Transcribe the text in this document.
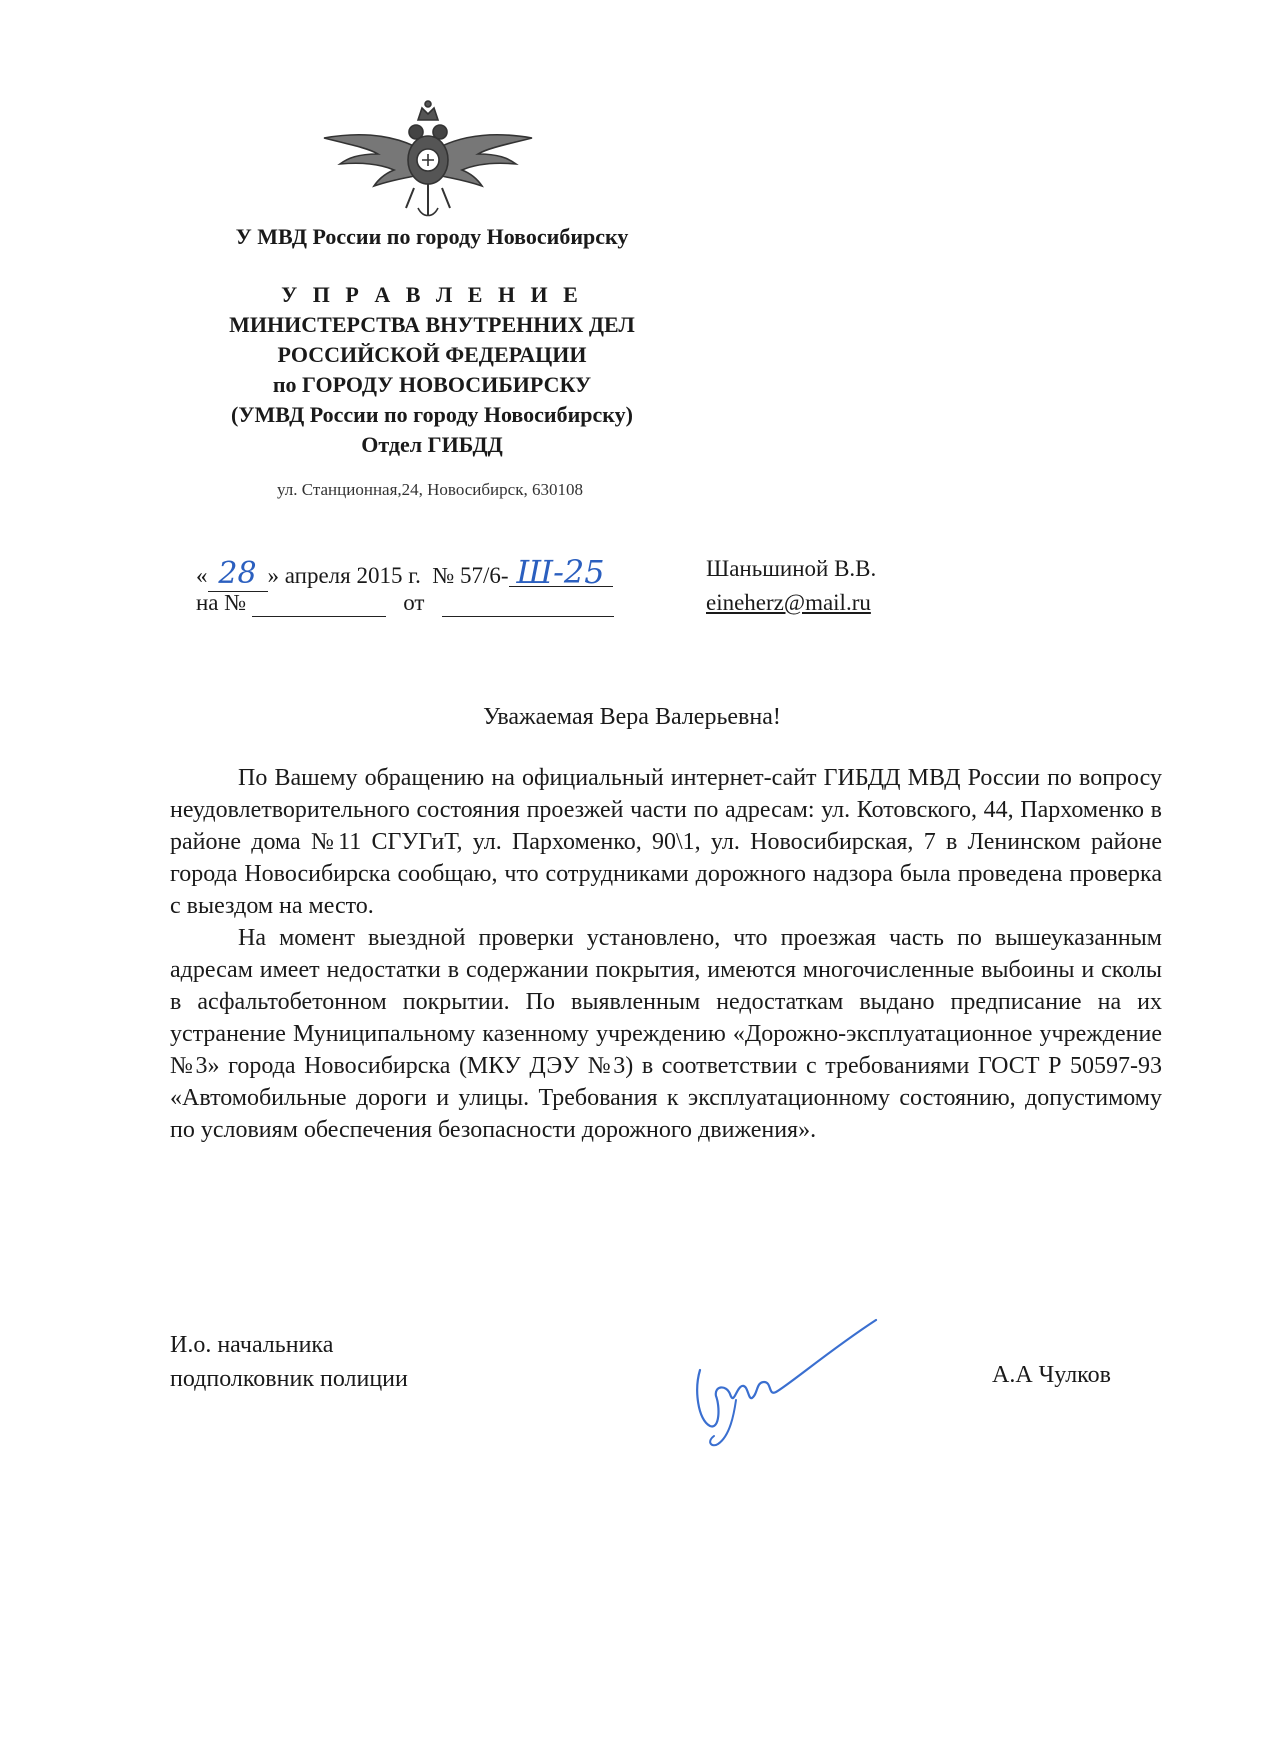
У МВД России по городу Новосибирску
У П Р А В Л Е Н И Е
МИНИСТЕРСТВА ВНУТРЕННИХ ДЕЛ
РОССИЙСКОЙ ФЕДЕРАЦИИ
по ГОРОДУ НОВОСИБИРСКУ
(УМВД России по городу Новосибирску)
Отдел ГИБДД
ул. Станционная,24, Новосибирск, 630108
« 28 » апреля 2015 г. № 57/6- Ш-25
на №	от
Шаньшиной В.В.
eineherz@mail.ru
Уважаемая Вера Валерьевна!

По Вашему обращению на официальный интернет-сайт ГИБДД МВД России по вопросу неудовлетворительного состояния проезжей части по адресам: ул. Котовского, 44, Пархоменко в районе дома №11 СГУГиТ, ул. Пархоменко, 90\1, ул. Новосибирская, 7 в Ленинском районе города Новосибирска сообщаю, что сотрудниками дорожного надзора была проведена проверка с выездом на место.

На момент выездной проверки установлено, что проезжая часть по вышеуказанным адресам имеет недостатки в содержании покрытия, имеются многочисленные выбоины и сколы в асфальтобетонном покрытии. По выявленным недостаткам выдано предписание на их устранение Муниципальному казенному учреждению «Дорожно-эксплуатационное учреждение №3» города Новосибирска (МКУ ДЭУ №3) в соответствии с требованиями ГОСТ Р 50597-93 «Автомобильные дороги и улицы. Требования к эксплуатационному состоянию, допустимому по условиям обеспечения безопасности дорожного движения».

И.о. начальника
подполковник полиции	А.А Чулков
